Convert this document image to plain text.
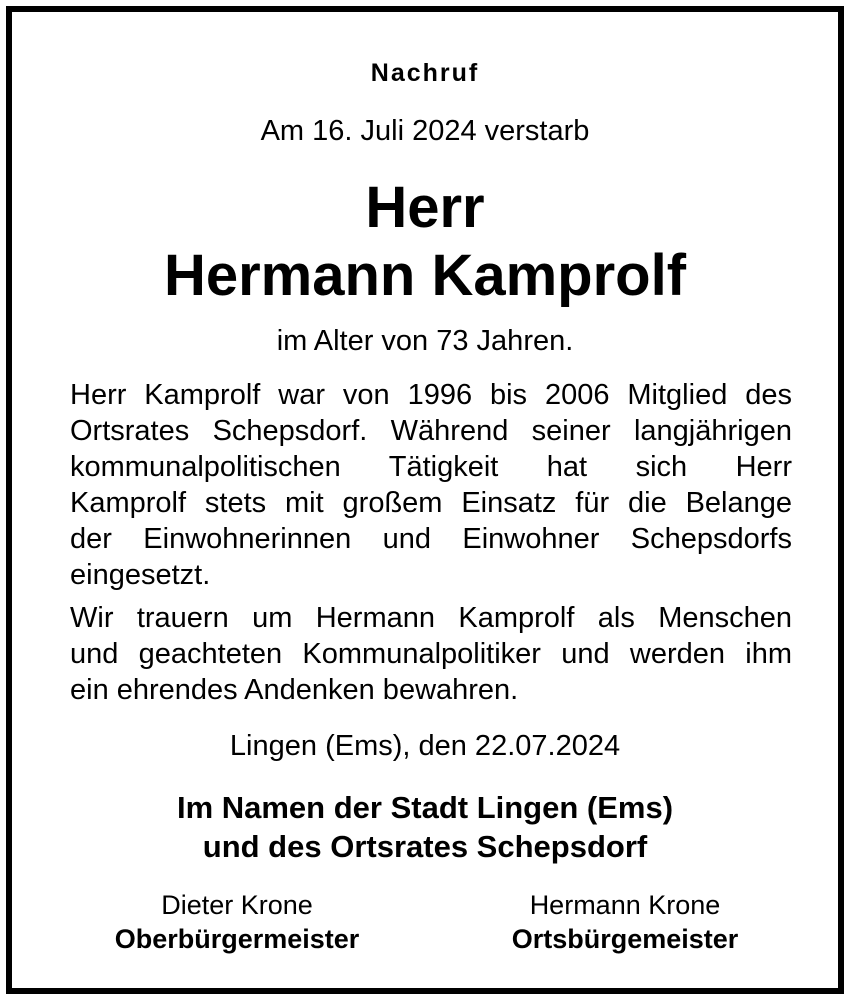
Nachruf
Am 16. Juli 2024 verstarb
Herr
Hermann Kamprolf
im Alter von 73 Jahren.
Herr Kamprolf war von 1996 bis 2006 Mitglied des
Ortsrates Schepsdorf. Während seiner langjährigen
kommunalpolitischen Tätigkeit hat sich Herr
Kamprolf stets mit großem Einsatz für die Belange
der Einwohnerinnen und Einwohner Schepsdorfs
eingesetzt.
Wir trauern um Hermann Kamprolf als Menschen
und geachteten Kommunalpolitiker und werden ihm
ein ehrendes Andenken bewahren.
Lingen (Ems), den 22.07.2024
Im Namen der Stadt Lingen (Ems)
und des Ortsrates Schepsdorf
Dieter Krone
Oberbürgermeister
Hermann Krone
Ortsbürgemeister
